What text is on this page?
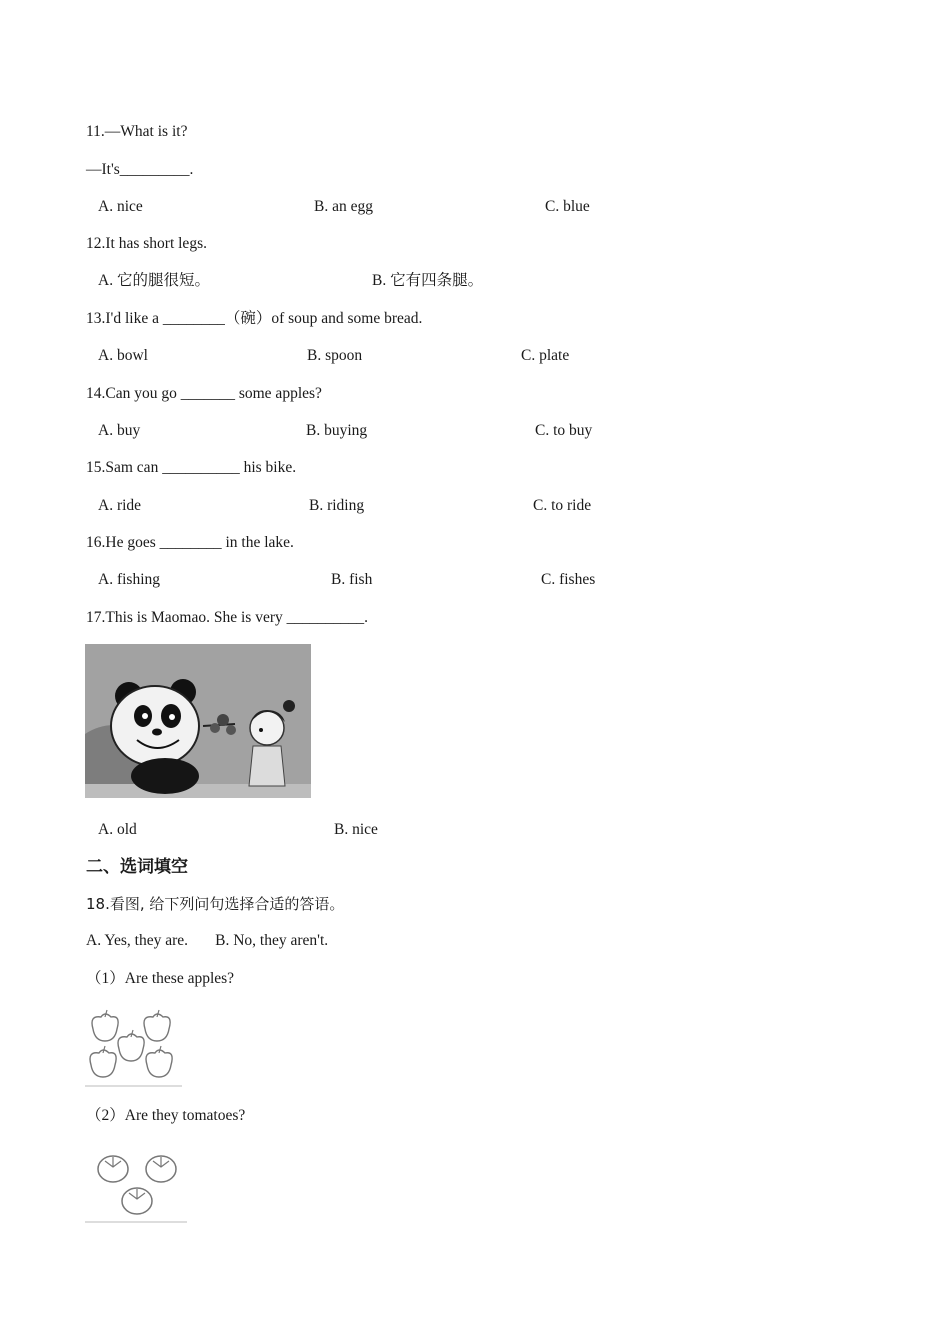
11.—What is it?
—It's_________.
A. nice	B. an egg	C. blue
12.It has short legs.
A. 它的腿很短。	B. 它有四条腿。
13.I'd like a ________（碗）of soup and some bread.
A. bowl	B. spoon	C. plate
14.Can you go _______ some apples?
A. buy	B. buying	C. to buy
15.Sam can __________ his bike.
A. ride	B. riding	C. to ride
16.He goes ________ in the lake.
A. fishing	B. fish	C. fishes
17.This is Maomao. She is very __________.
A. old	B. nice
二、选词填空
18.看图, 给下列问句选择合适的答语。
A. Yes, they are.       B. No, they aren't.
（1）Are these apples?
（2）Are they tomatoes?
